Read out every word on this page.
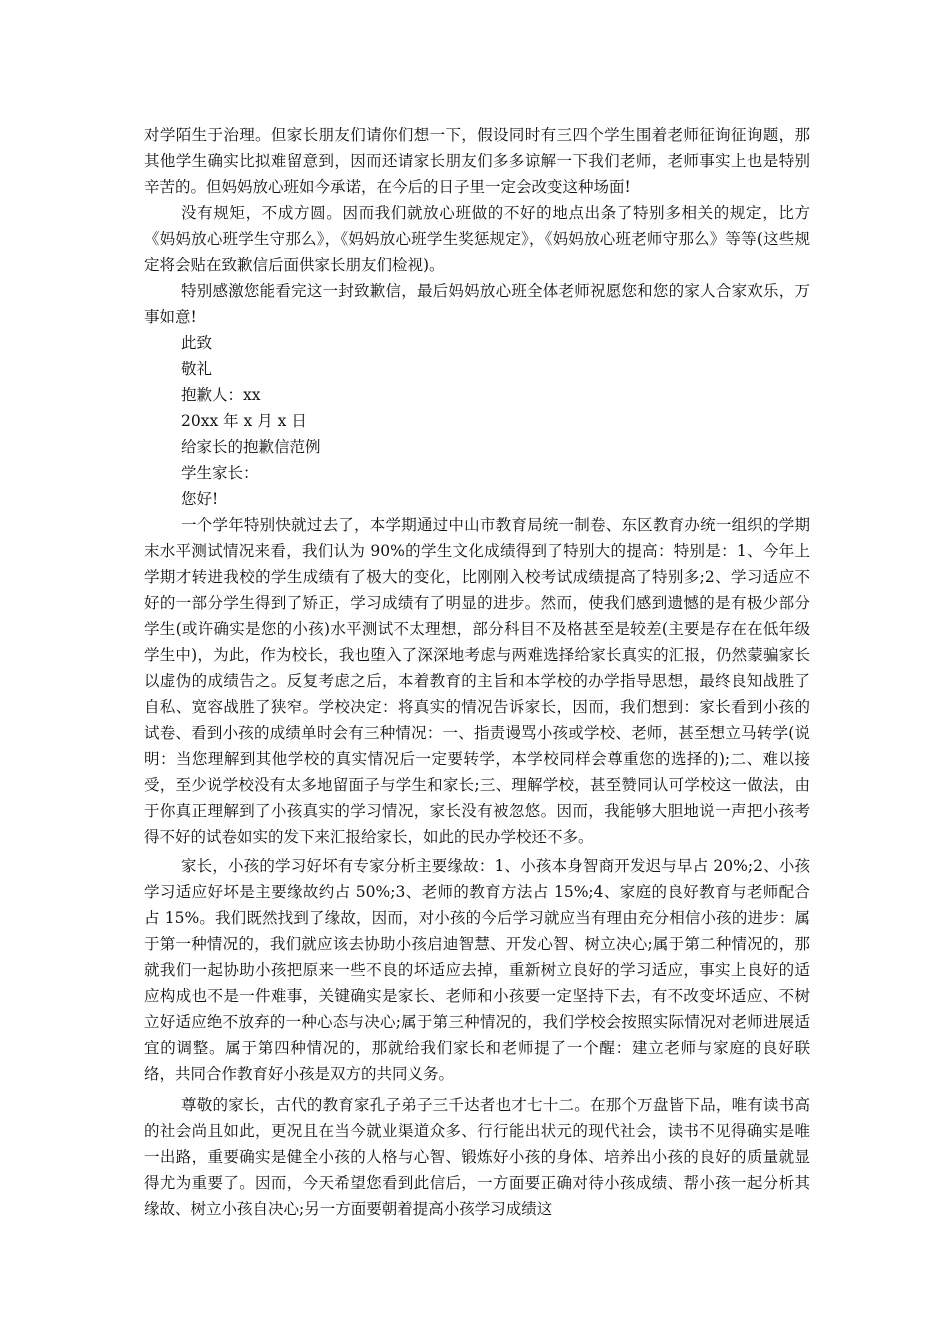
对学陌生于治理。但家长朋友们请你们想一下，假设同时有三四个学生围着老师征询征询题，那其他学生确实比拟难留意到，因而还请家长朋友们多多谅解一下我们老师，老师事实上也是特别辛苦的。但妈妈放心班如今承诺，在今后的日子里一定会改变这种场面!

没有规矩，不成方圆。因而我们就放心班做的不好的地点出条了特别多相关的规定，比方《妈妈放心班学生守那么》，《妈妈放心班学生奖惩规定》，《妈妈放心班老师守那么》等等(这些规定将会贴在致歉信后面供家长朋友们检视)。

特别感激您能看完这一封致歉信，最后妈妈放心班全体老师祝愿您和您的家人合家欢乐，万事如意!

此致

敬礼

抱歉人：xx

20xx 年 x 月 x 日

给家长的抱歉信范例

学生家长：

您好!

一个学年特别快就过去了，本学期通过中山市教育局统一制卷、东区教育办统一组织的学期末水平测试情况来看，我们认为 90%的学生文化成绩得到了特别大的提高：特别是：1、今年上学期才转进我校的学生成绩有了极大的变化，比刚刚入校考试成绩提高了特别多;2、学习适应不好的一部分学生得到了矫正，学习成绩有了明显的进步。然而，使我们感到遗憾的是有极少部分学生(或许确实是您的小孩)水平测试不太理想，部分科目不及格甚至是较差(主要是存在在低年级学生中)，为此，作为校长，我也堕入了深深地考虑与两难选择给家长真实的汇报，仍然蒙骗家长以虚伪的成绩告之。反复考虑之后，本着教育的主旨和本学校的办学指导思想，最终良知战胜了自私、宽容战胜了狭窄。学校决定：将真实的情况告诉家长，因而，我们想到：家长看到小孩的试卷、看到小孩的成绩单时会有三种情况：一、指责谩骂小孩或学校、老师，甚至想立马转学(说明：当您理解到其他学校的真实情况后一定要转学，本学校同样会尊重您的选择的);二、难以接受，至少说学校没有太多地留面子与学生和家长;三、理解学校，甚至赞同认可学校这一做法，由于你真正理解到了小孩真实的学习情况，家长没有被忽悠。因而，我能够大胆地说一声把小孩考得不好的试卷如实的发下来汇报给家长，如此的民办学校还不多。

家长，小孩的学习好坏有专家分析主要缘故：1、小孩本身智商开发迟与早占 20%;2、小孩学习适应好坏是主要缘故约占 50%;3、老师的教育方法占 15%;4、家庭的良好教育与老师配合占 15%。我们既然找到了缘故，因而，对小孩的今后学习就应当有理由充分相信小孩的进步：属于第一种情况的，我们就应该去协助小孩启迪智慧、开发心智、树立决心;属于第二种情况的，那就我们一起协助小孩把原来一些不良的坏适应去掉，重新树立良好的学习适应，事实上良好的适应构成也不是一件难事，关键确实是家长、老师和小孩要一定坚持下去，有不改变坏适应、不树立好适应绝不放弃的一种心态与决心;属于第三种情况的，我们学校会按照实际情况对老师进展适宜的调整。属于第四种情况的，那就给我们家长和老师提了一个醒：建立老师与家庭的良好联络，共同合作教育好小孩是双方的共同义务。

尊敬的家长，古代的教育家孔子弟子三千达者也才七十二。在那个万盘皆下品，唯有读书高的社会尚且如此，更况且在当今就业渠道众多、行行能出状元的现代社会，读书不见得确实是唯一出路，重要确实是健全小孩的人格与心智、锻炼好小孩的身体、培养出小孩的良好的质量就显得尤为重要了。因而，今天希望您看到此信后，一方面要正确对待小孩成绩、帮小孩一起分析其缘故、树立小孩自决心;另一方面要朝着提高小孩学习成绩这
